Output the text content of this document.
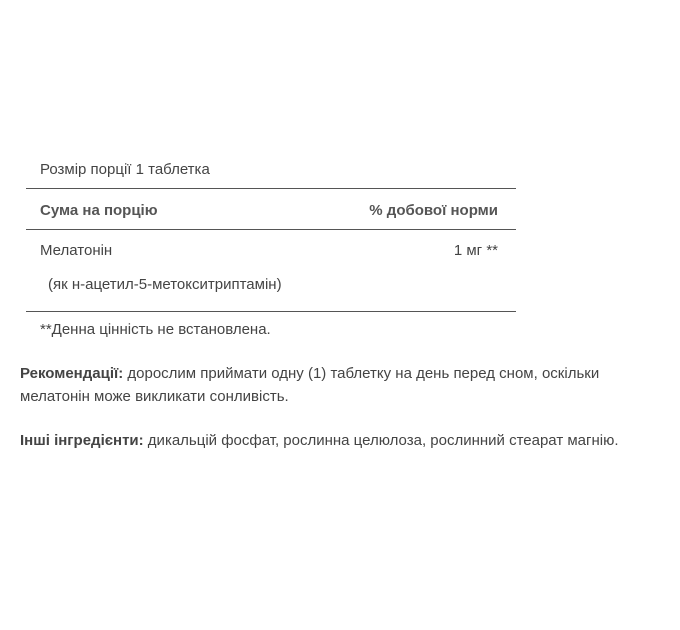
Розмір порції 1 таблетка
Сума на порцію	% добової норми
Мелатонін	1 мг **
(як н-ацетил-5-метокситриптамін)
**Денна цінність не встановлена.

Рекомендації: дорослим приймати одну (1) таблетку на день перед сном, оскільки мелатонін може викликати сонливість.

Інші інгредієнти: дикальцій фосфат, рослинна целюлоза, рослинний стеарат магнію.
